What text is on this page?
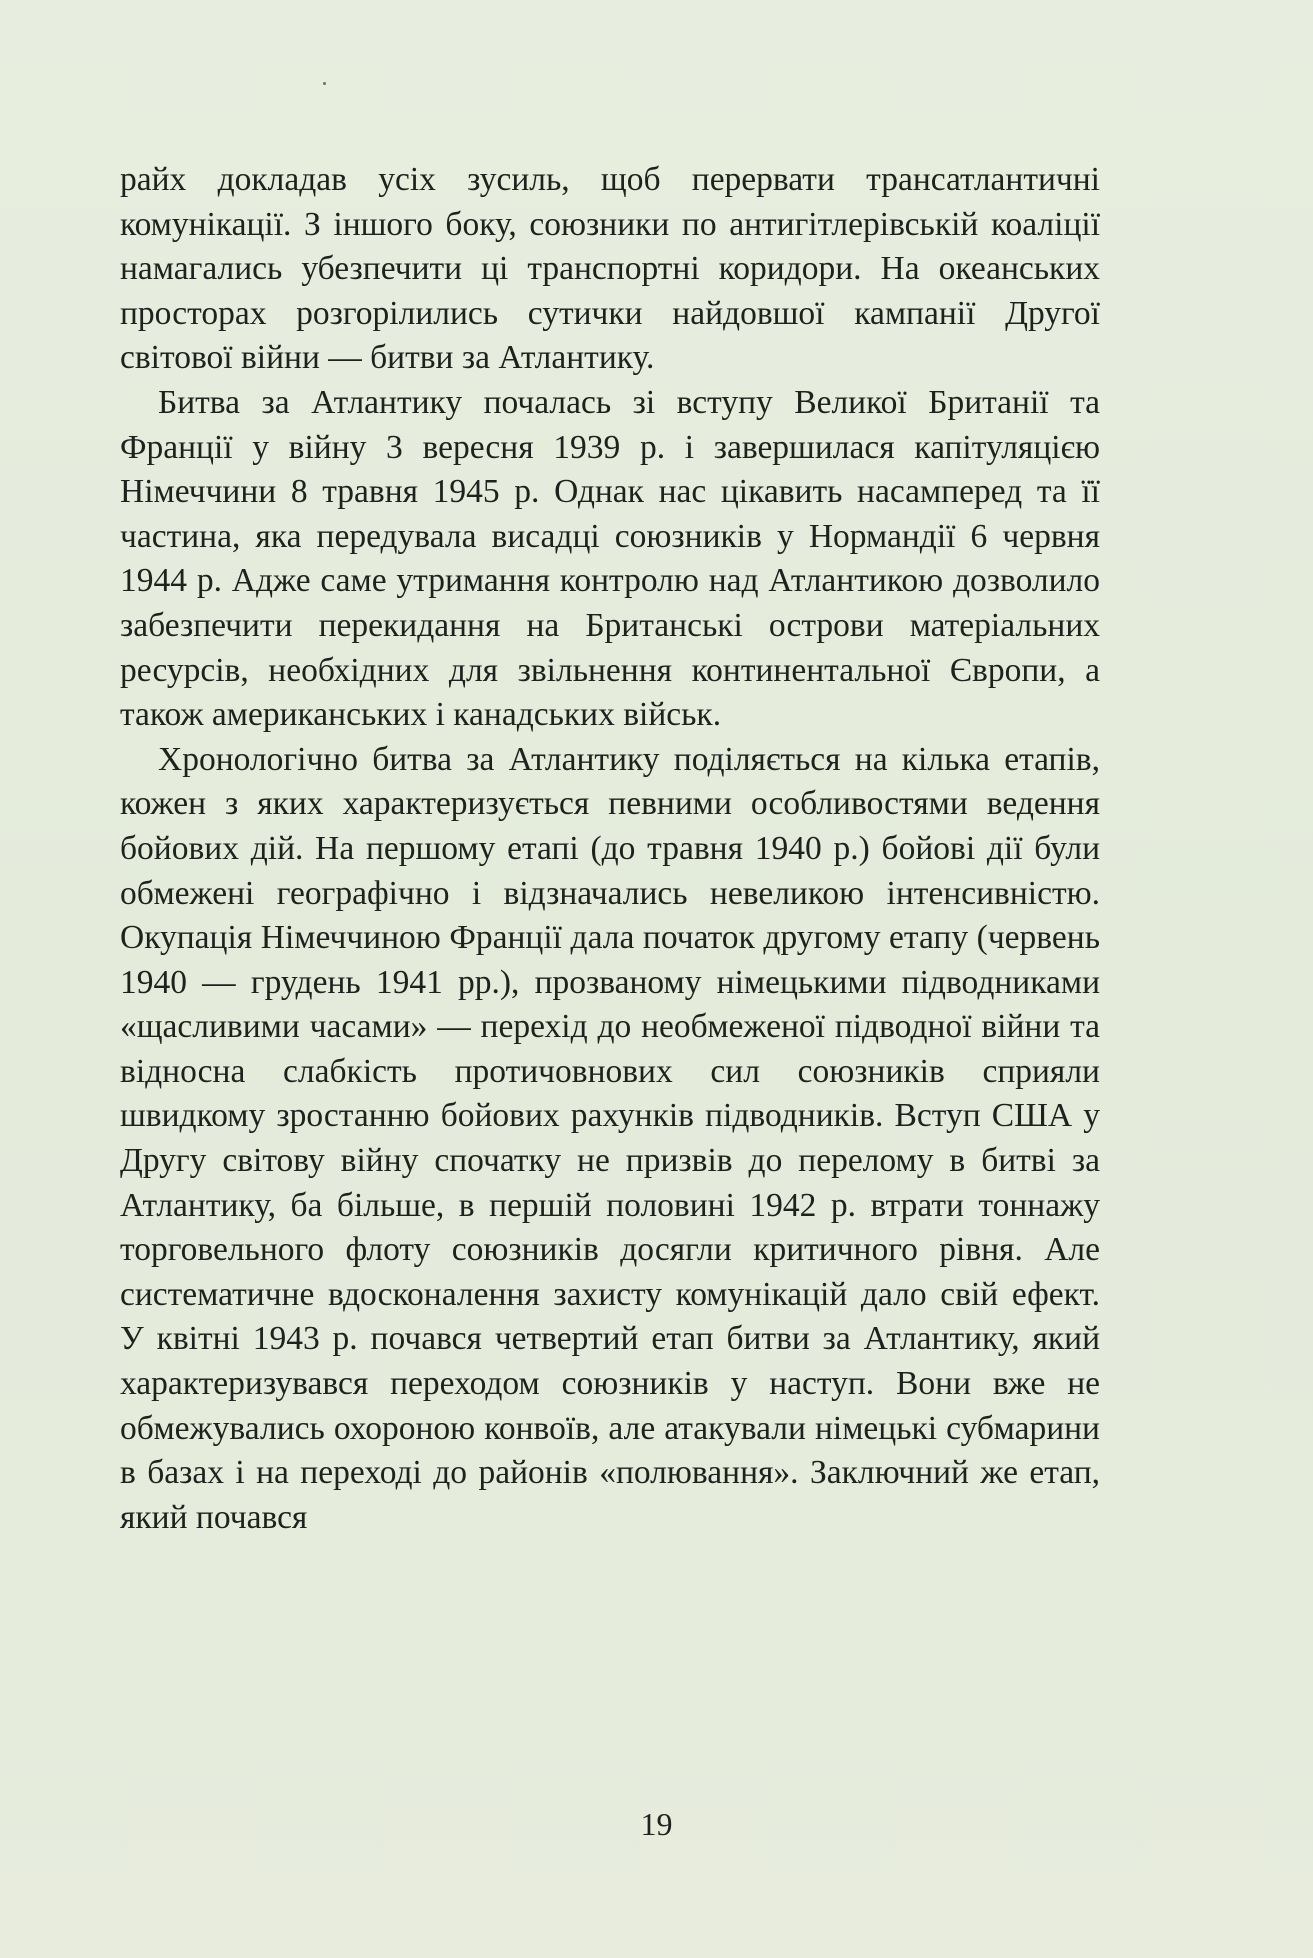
райх докладав усіх зусиль, щоб перервати трансатлантичні комунікації. З іншого боку, союзники по антигітлерівській коаліції намагались убезпечити ці транспортні коридори. На океанських просторах розгорілились сутички найдовшої кампанії Другої світової війни — битви за Атлантику.

Битва за Атлантику почалась зі вступу Великої Британії та Франції у війну 3 вересня 1939 р. і завершилася капітуляцією Німеччини 8 травня 1945 р. Однак нас цікавить насамперед та її частина, яка передувала висадці союзників у Нормандії 6 червня 1944 р. Адже саме утримання контролю над Атлантикою дозволило забезпечити перекидання на Британські острови матеріальних ресурсів, необхідних для звільнення континентальної Європи, а також американських і канадських військ.

Хронологічно битва за Атлантику поділяється на кілька етапів, кожен з яких характеризується певними особливостями ведення бойових дій. На першому етапі (до травня 1940 р.) бойові дії були обмежені географічно і відзначались невеликою інтенсивністю. Окупація Німеччиною Франції дала початок другому етапу (червень 1940 — грудень 1941 рр.), прозваному німецькими підводниками «щасливими часами» — перехід до необмеженої підводної війни та відносна слабкість протичовнових сил союзників сприяли швидкому зростанню бойових рахунків підводників. Вступ США у Другу світову війну спочатку не призвів до перелому в битві за Атлантику, ба більше, в першій половині 1942 р. втрати тоннажу торговельного флоту союзників досягли критичного рівня. Але систематичне вдосконалення захисту комунікацій дало свій ефект. У квітні 1943 р. почався четвертий етап битви за Атлантику, який характеризувався переходом союзників у наступ. Вони вже не обмежувались охороною конвоїв, але атакували німецькі субмарини в базах і на переході до районів «полювання». Заключний же етап, який почався

19
